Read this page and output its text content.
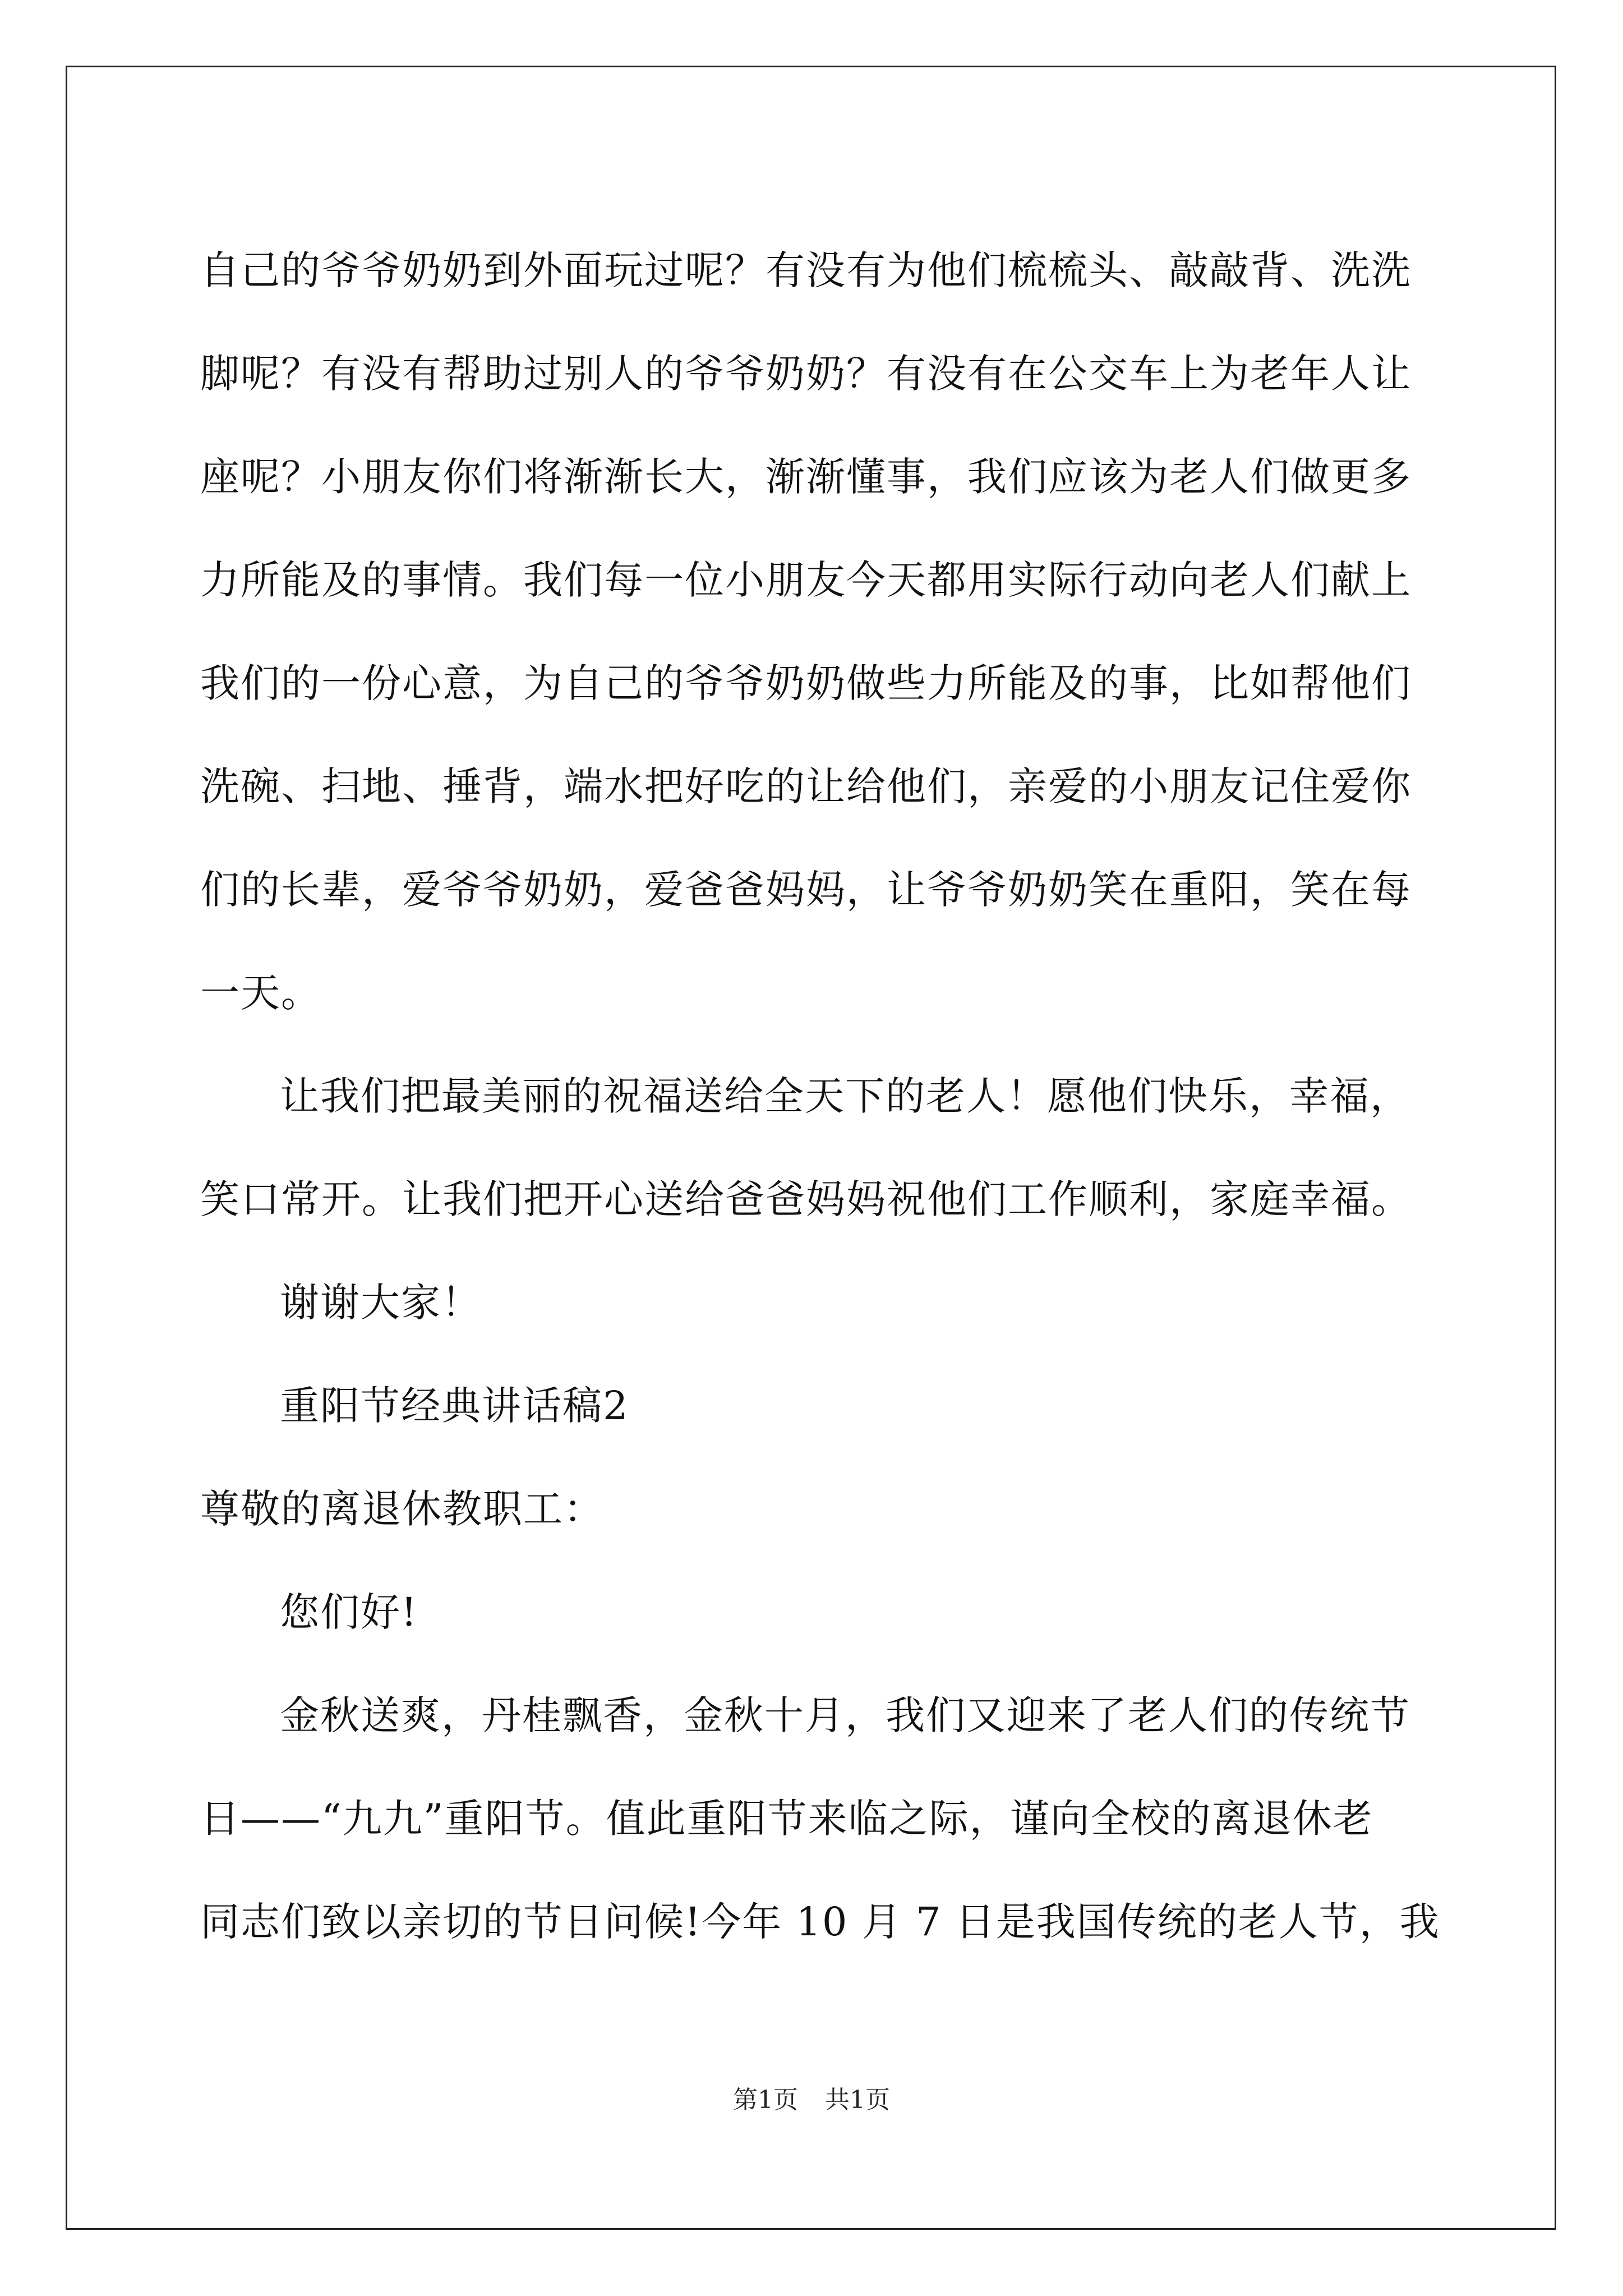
自己的爷爷奶奶到外面玩过呢？有没有为他们梳梳头、敲敲背、洗洗
脚呢？有没有帮助过别人的爷爷奶奶？有没有在公交车上为老年人让
座呢？小朋友你们将渐渐长大，渐渐懂事，我们应该为老人们做更多
力所能及的事情。我们每一位小朋友今天都用实际行动向老人们献上
我们的一份心意，为自己的爷爷奶奶做些力所能及的事，比如帮他们
洗碗、扫地、捶背，端水把好吃的让给他们，亲爱的小朋友记住爱你
们的长辈，爱爷爷奶奶，爱爸爸妈妈，让爷爷奶奶笑在重阳，笑在每
一天。
让我们把最美丽的祝福送给全天下的老人！愿他们快乐，幸福，
笑口常开。让我们把开心送给爸爸妈妈祝他们工作顺利，家庭幸福。
谢谢大家！
重阳节经典讲话稿2
尊敬的离退休教职工：
您们好!
金秋送爽，丹桂飘香，金秋十月，我们又迎来了老人们的传统节
日——“九九”重阳节。值此重阳节来临之际，谨向全校的离退休老
同志们致以亲切的节日问候!今年 10 月 7 日是我国传统的老人节，我
第1页 共1页
